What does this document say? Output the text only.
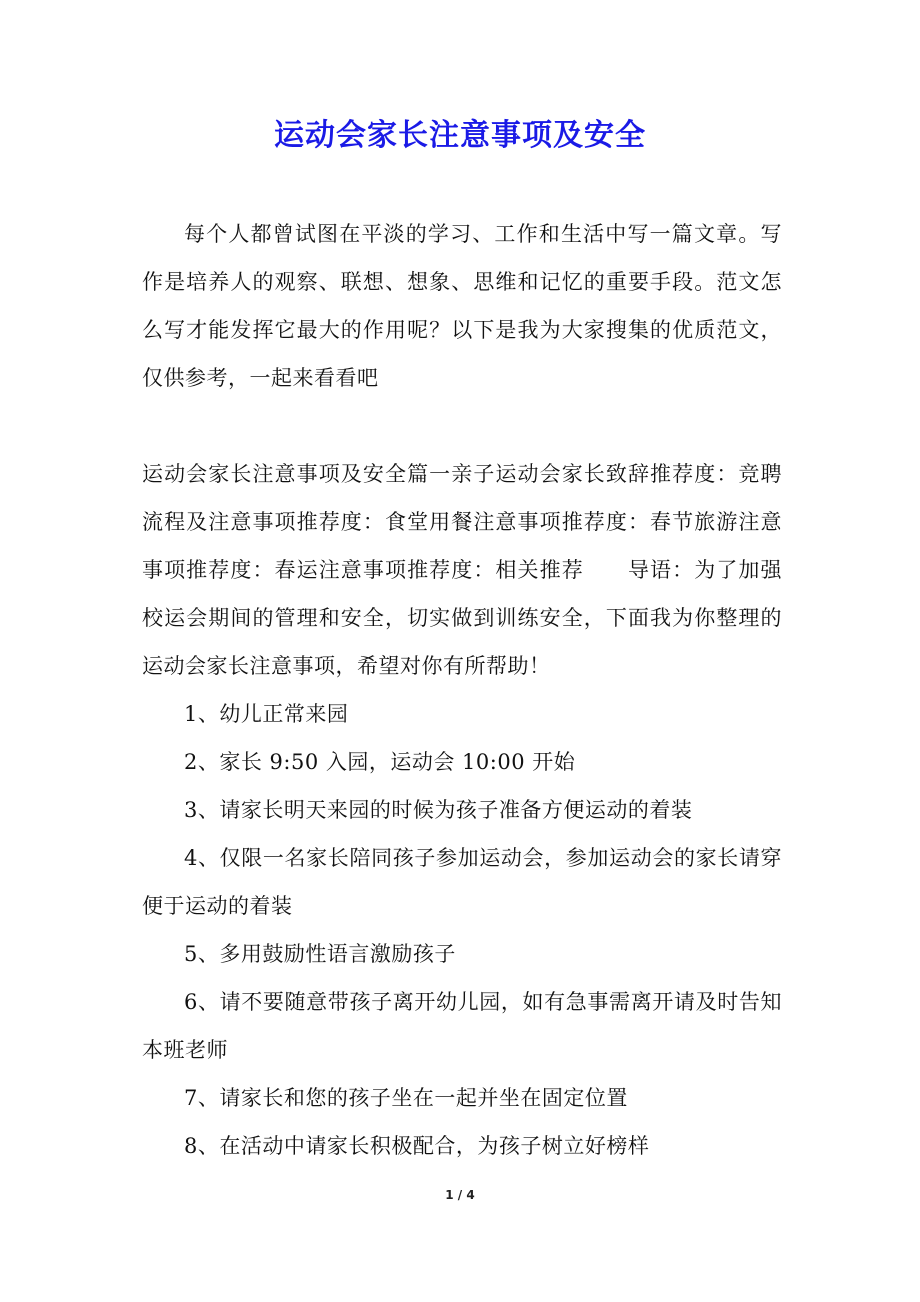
运动会家长注意事项及安全

每个人都曾试图在平淡的学习、工作和生活中写一篇文章。写作是培养人的观察、联想、想象、思维和记忆的重要手段。范文怎么写才能发挥它最大的作用呢？以下是我为大家搜集的优质范文，仅供参考，一起来看看吧

运动会家长注意事项及安全篇一亲子运动会家长致辞推荐度：竞聘流程及注意事项推荐度：食堂用餐注意事项推荐度：春节旅游注意事项推荐度：春运注意事项推荐度：相关推荐　　导语：为了加强校运会期间的管理和安全，切实做到训练安全，下面我为你整理的运动会家长注意事项，希望对你有所帮助！

1、幼儿正常来园

2、家长 9:50 入园，运动会 10:00 开始

3、请家长明天来园的时候为孩子准备方便运动的着装

4、仅限一名家长陪同孩子参加运动会，参加运动会的家长请穿便于运动的着装

5、多用鼓励性语言激励孩子

6、请不要随意带孩子离开幼儿园，如有急事需离开请及时告知本班老师

7、请家长和您的孩子坐在一起并坐在固定位置

8、在活动中请家长积极配合，为孩子树立好榜样

1 / 4
